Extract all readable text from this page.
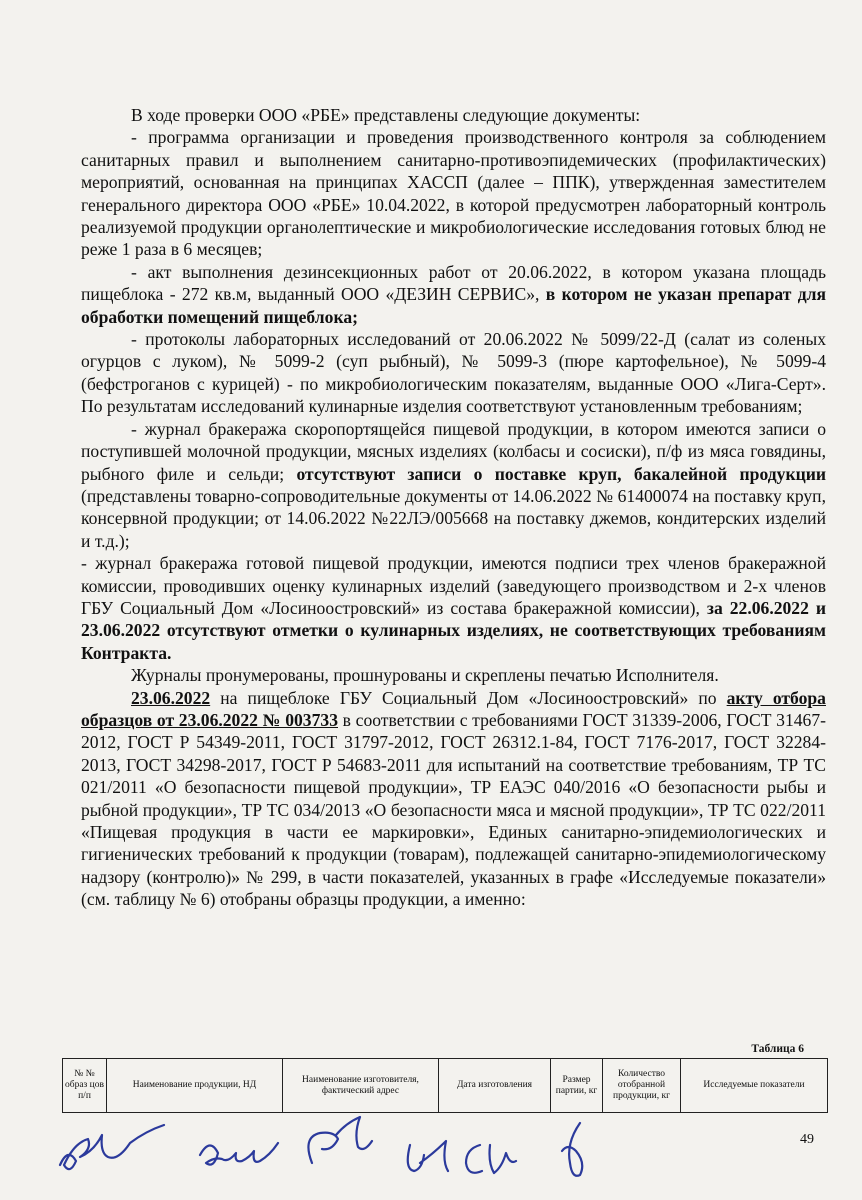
В ходе проверки ООО «РБЕ» представлены следующие документы:

- программа организации и проведения производственного контроля за соблюдением санитарных правил и выполнением санитарно-противоэпидемических (профилактических) мероприятий, основанная на принципах ХАССП (далее – ППК), утвержденная заместителем генерального директора ООО «РБЕ» 10.04.2022, в которой предусмотрен лабораторный контроль реализуемой продукции органолептические и микробиологические исследования готовых блюд не реже 1 раза в 6 месяцев;

- акт выполнения дезинсекционных работ от 20.06.2022, в котором указана площадь пищеблока - 272 кв.м, выданный ООО «ДЕЗИН СЕРВИС», в котором не указан препарат для обработки помещений пищеблока;

- протоколы лабораторных исследований от 20.06.2022 № 5099/22-Д (салат из соленых огурцов с луком), № 5099-2 (суп рыбный), № 5099-3 (пюре картофельное), № 5099-4 (бефстроганов с курицей) - по микробиологическим показателям, выданные ООО «Лига-Серт». По результатам исследований кулинарные изделия соответствуют установленным требованиям;

- журнал бракеража скоропортящейся пищевой продукции, в котором имеются записи о поступившей молочной продукции, мясных изделиях (колбасы и сосиски), п/ф из мяса говядины, рыбного филе и сельди; отсутствуют записи о поставке круп, бакалейной продукции (представлены товарно-сопроводительные документы от 14.06.2022 № 61400074 на поставку круп, консервной продукции; от 14.06.2022 №22ЛЭ/005668 на поставку джемов, кондитерских изделий и т.д.);

- журнал бракеража готовой пищевой продукции, имеются подписи трех членов бракеражной комиссии, проводивших оценку кулинарных изделий (заведующего производством и 2-х членов ГБУ Социальный Дом «Лосиноостровский» из состава бракеражной комиссии), за 22.06.2022 и 23.06.2022 отсутствуют отметки о кулинарных изделиях, не соответствующих требованиям Контракта.

Журналы пронумерованы, прошнурованы и скреплены печатью Исполнителя.

23.06.2022 на пищеблоке ГБУ Социальный Дом «Лосиноостровский» по акту отбора образцов от 23.06.2022 № 003733 в соответствии с требованиями ГОСТ 31339-2006, ГОСТ 31467-2012, ГОСТ Р 54349-2011, ГОСТ 31797-2012, ГОСТ 26312.1-84, ГОСТ 7176-2017, ГОСТ 32284-2013, ГОСТ 34298-2017, ГОСТ Р 54683-2011 для испытаний на соответствие требованиям, ТР ТС 021/2011 «О безопасности пищевой продукции», ТР ЕАЭС 040/2016 «О безопасности рыбы и рыбной продукции», ТР ТС 034/2013 «О безопасности мяса и мясной продукции», ТР ТС 022/2011 «Пищевая продукция в части ее маркировки», Единых санитарно-эпидемиологических и гигиенических требований к продукции (товарам), подлежащей санитарно-эпидемиологическому надзору (контролю)» № 299, в части показателей, указанных в графе «Исследуемые показатели» (см. таблицу № 6) отобраны образцы продукции, а именно:

Таблица 6
№ № образ цов п/п	Наименование продукции, НД	Наименование изготовителя, фактический адрес	Дата изготовления	Размер партии, кг	Количество отобранной продукции, кг	Исследуемые показатели
49
